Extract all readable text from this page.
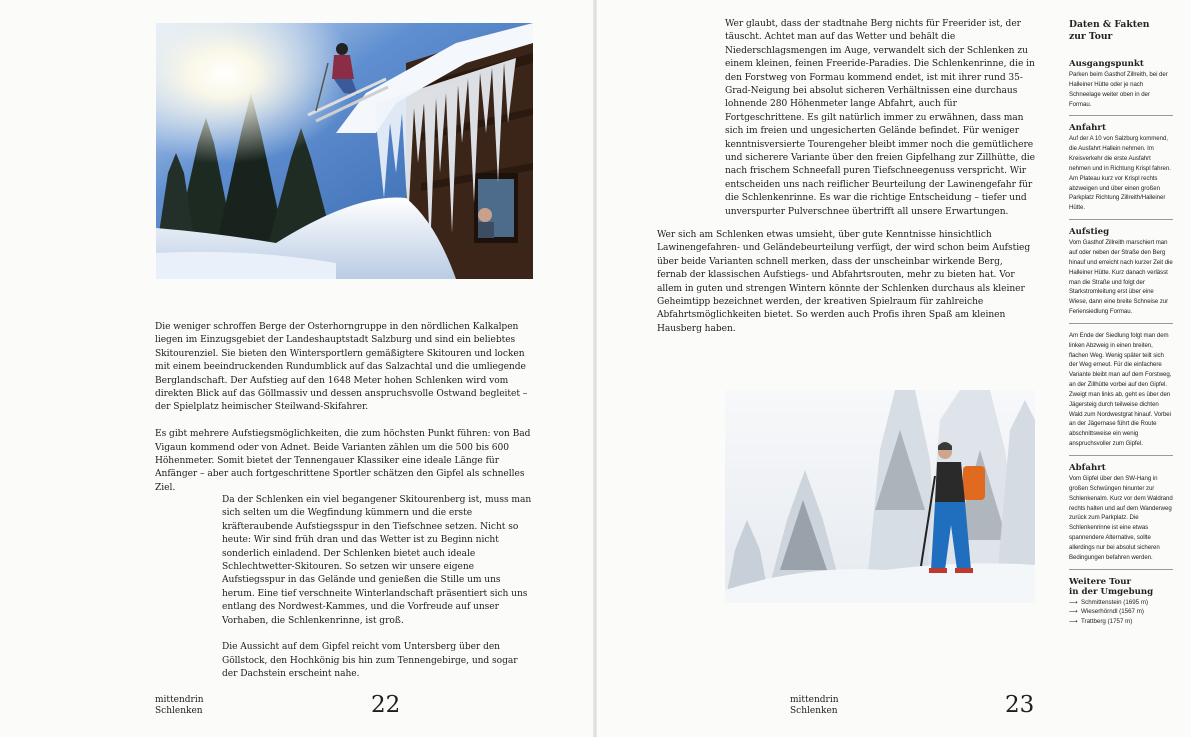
Die weniger schroffen Berge der Osterhorngruppe in den nördlichen Kalkalpen liegen im Einzugsgebiet der Landeshauptstadt Salzburg und sind ein beliebtes Skitourenziel. Sie bieten den Wintersportlern gemäßigtere Skitouren und locken mit einem beeindruckenden Rundumblick auf das Salzachtal und die umliegende Berglandschaft. Der Aufstieg auf den 1648 Meter hohen Schlenken wird vom direkten Blick auf das Göllmassiv und dessen anspruchsvolle Ostwand begleitet – der Spielplatz heimischer Steilwand-Skifahrer.

Es gibt mehrere Aufstiegsmöglichkeiten, die zum höchsten Punkt führen: von Bad Vigaun kommend oder von Adnet. Beide Varianten zählen um die 500 bis 600 Höhenmeter. Somit bietet der Tennengauer Klassiker eine ideale Länge für Anfänger – aber auch fortgeschrittene Sportler schätzen den Gipfel als schnelles Ziel.

Da der Schlenken ein viel begangener Skitourenberg ist, muss man sich selten um die Wegfindung kümmern und die erste kräfteraubende Aufstiegsspur in den Tiefschnee setzen. Nicht so heute: Wir sind früh dran und das Wetter ist zu Beginn nicht sonderlich einladend. Der Schlenken bietet auch ideale Schlechtwetter-Skitouren. So setzen wir unsere eigene Aufstiegsspur in das Gelände und genießen die Stille um uns herum. Eine tief verschneite Winterlandschaft präsentiert sich uns entlang des Nordwest-Kammes, und die Vorfreude auf unser Vorhaben, die Schlenkenrinne, ist groß.

Die Aussicht auf dem Gipfel reicht vom Untersberg über den Göllstock, den Hochkönig bis hin zum Tennengebirge, und sogar der Dachstein erscheint nahe.

Wer glaubt, dass der stadtnahe Berg nichts für Freerider ist, der täuscht. Achtet man auf das Wetter und behält die Niederschlagsmengen im Auge, verwandelt sich der Schlenken zu einem kleinen, feinen Freeride-Paradies. Die Schlenkenrinne, die in den Forstweg von Formau kommend endet, ist mit ihrer rund 35-Grad-Neigung bei absolut sicheren Verhältnissen eine durchaus lohnende 280 Höhenmeter lange Abfahrt, auch für Fortgeschrittene. Es gilt natürlich immer zu erwähnen, dass man sich im freien und ungesicherten Gelände befindet. Für weniger kenntnisversierte Tourengeher bleibt immer noch die gemütlichere und sicherere Variante über den freien Gipfelhang zur Zillhütte, die nach frischem Schneefall puren Tiefschneegenuss verspricht. Wir entscheiden uns nach reiflicher Beurteilung der Lawinengefahr für die Schlenkenrinne. Es war die richtige Entscheidung – tiefer und unverspurter Pulverschnee übertrifft all unsere Erwartungen.

Wer sich am Schlenken etwas umsieht, über gute Kenntnisse hinsichtlich Lawinengefahren- und Geländebeurteilung verfügt, der wird schon beim Aufstieg über beide Varianten schnell merken, dass der unscheinbar wirkende Berg, fernab der klassischen Aufstiegs- und Abfahrtsrouten, mehr zu bieten hat. Vor allem in guten und strengen Wintern könnte der Schlenken durchaus als kleiner Geheimtipp bezeichnet werden, der kreativen Spielraum für zahlreiche Abfahrtsmöglichkeiten bietet. So werden auch Profis ihren Spaß am kleinen Hausberg haben.

Daten & Fakten
zur Tour
Ausgangspunkt
Parken beim Gasthof Zillreith, bei der Halleiner Hütte oder je nach Schneelage weiter oben in der Formau.
Anfahrt
Auf der A 10 von Salzburg kommend, die Ausfahrt Hallein nehmen. Im Kreisverkehr die erste Ausfahrt nehmen und in Richtung Krispl fahren. Am Plateau kurz vor Krispl rechts abzweigen und über einen großen Parkplatz Richtung Zillreith/Halleiner Hütte.
Aufstieg
Vom Gasthof Zillreith marschiert man auf oder neben der Straße den Berg hinauf und erreicht nach kurzer Zeit die Halleiner Hütte. Kurz danach verlässt man die Straße und folgt der Starkstromleitung erst über eine Wiese, dann eine breite Schneise zur Feriensiedlung Formau.
Am Ende der Siedlung folgt man dem linken Abzweig in einen breiten, flachen Weg. Wenig später teilt sich der Weg erneut. Für die einfachere Variante bleibt man auf dem Forstweg, an der Zillhütte vorbei auf den Gipfel. Zweigt man links ab, geht es über den Jägersteig durch teilweise dichten Wald zum Nordwestgrat hinauf. Vorbei an der Jägernase führt die Route abschnittsweise ein wenig anspruchsvoller zum Gipfel.
Abfahrt
Vom Gipfel über den SW-Hang in großen Schwüngen hinunter zur Schlenkenalm. Kurz vor dem Waldrand rechts halten und auf dem Wanderweg zurück zum Parkplatz. Die Schlenkenrinne ist eine etwas spannendere Alternative, sollte allerdings nur bei absolut sicheren Bedingungen befahren werden.
Weitere Tour
in der Umgebung
⟶ Schmittenstein (1695 m)
⟶ Wieserhörndl (1567 m)
⟶ Trattberg (1757 m)
mittendrin
Schlenken	22	mittendrin
Schlenken	23
